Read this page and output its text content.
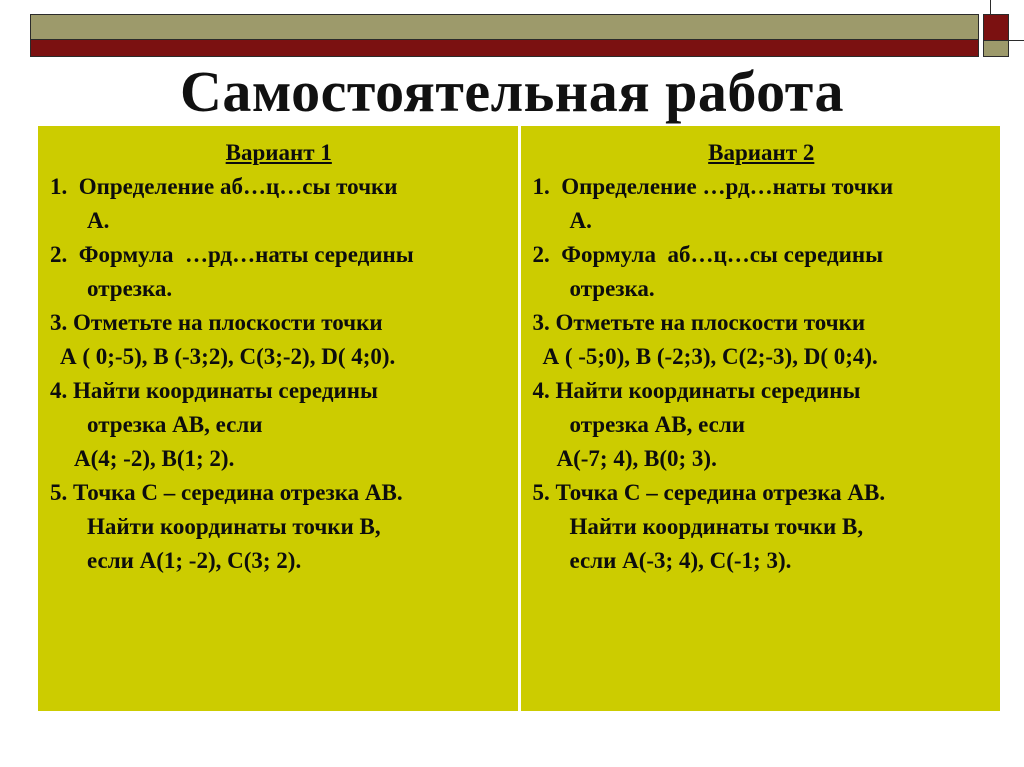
Самостоятельная работа
Вариант 1
1.  Определение аб…ц…сы точки
А.
2.  Формула  …рд…наты середины
отрезка.
3. Отметьте на плоскости точки
А ( 0;-5), В (-3;2), С(3;-2), D( 4;0).
4. Найти координаты середины
отрезка АВ, если
А(4; -2), В(1; 2).
5. Точка С – середина отрезка АВ.
Найти координаты точки В,
если А(1; -2), С(3; 2).
Вариант 2
1.  Определение …рд…наты точки
А.
2.  Формула  аб…ц…сы середины
отрезка.
3. Отметьте на плоскости точки
А ( -5;0), В (-2;3), С(2;-3), D( 0;4).
4. Найти координаты середины
отрезка АВ, если
А(-7; 4), В(0; 3).
5. Точка С – середина отрезка АВ.
Найти координаты точки В,
если А(-3; 4), С(-1; 3).
